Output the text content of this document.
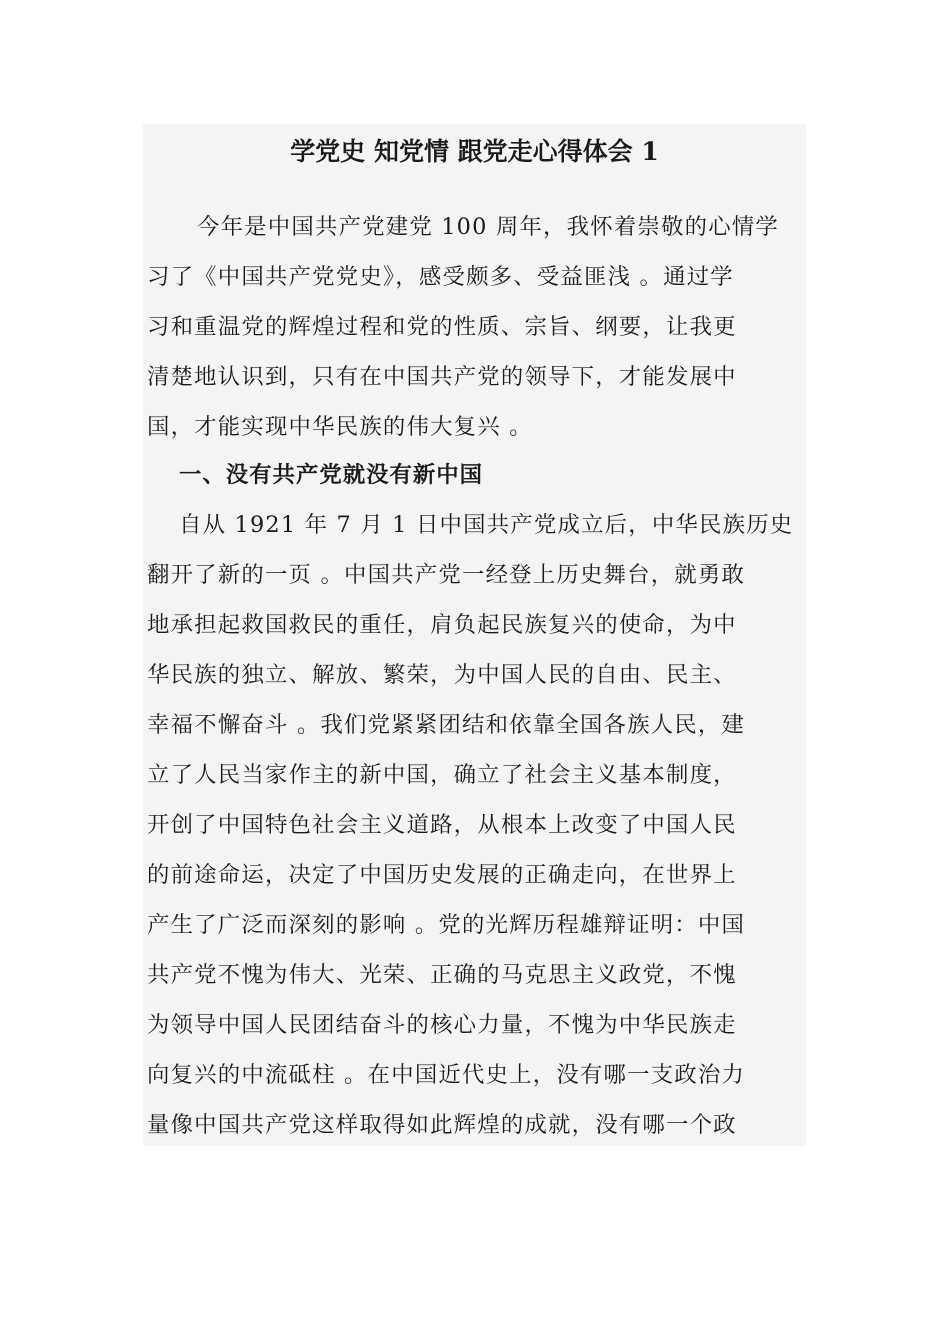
学党史 知党情 跟党走心得体会 1
今年是中国共产党建党 100 周年，我怀着崇敬的心情学
习了《中国共产党党史》，感受颇多、受益匪浅 。通过学
习和重温党的辉煌过程和党的性质、宗旨、纲要，让我更
清楚地认识到，只有在中国共产党的领导下，才能发展中
国，才能实现中华民族的伟大复兴 。
一、没有共产党就没有新中国
自从 1921 年 7 月 1 日中国共产党成立后，中华民族历史
翻开了新的一页 。中国共产党一经登上历史舞台，就勇敢
地承担起救国救民的重任，肩负起民族复兴的使命，为中
华民族的独立、解放、繁荣，为中国人民的自由、民主、
幸福不懈奋斗 。我们党紧紧团结和依靠全国各族人民，建
立了人民当家作主的新中国，确立了社会主义基本制度，
开创了中国特色社会主义道路，从根本上改变了中国人民
的前途命运，决定了中国历史发展的正确走向，在世界上
产生了广泛而深刻的影响 。党的光辉历程雄辩证明：中国
共产党不愧为伟大、光荣、正确的马克思主义政党，不愧
为领导中国人民团结奋斗的核心力量，不愧为中华民族走
向复兴的中流砥柱 。在中国近代史上，没有哪一支政治力
量像中国共产党这样取得如此辉煌的成就，没有哪一个政
